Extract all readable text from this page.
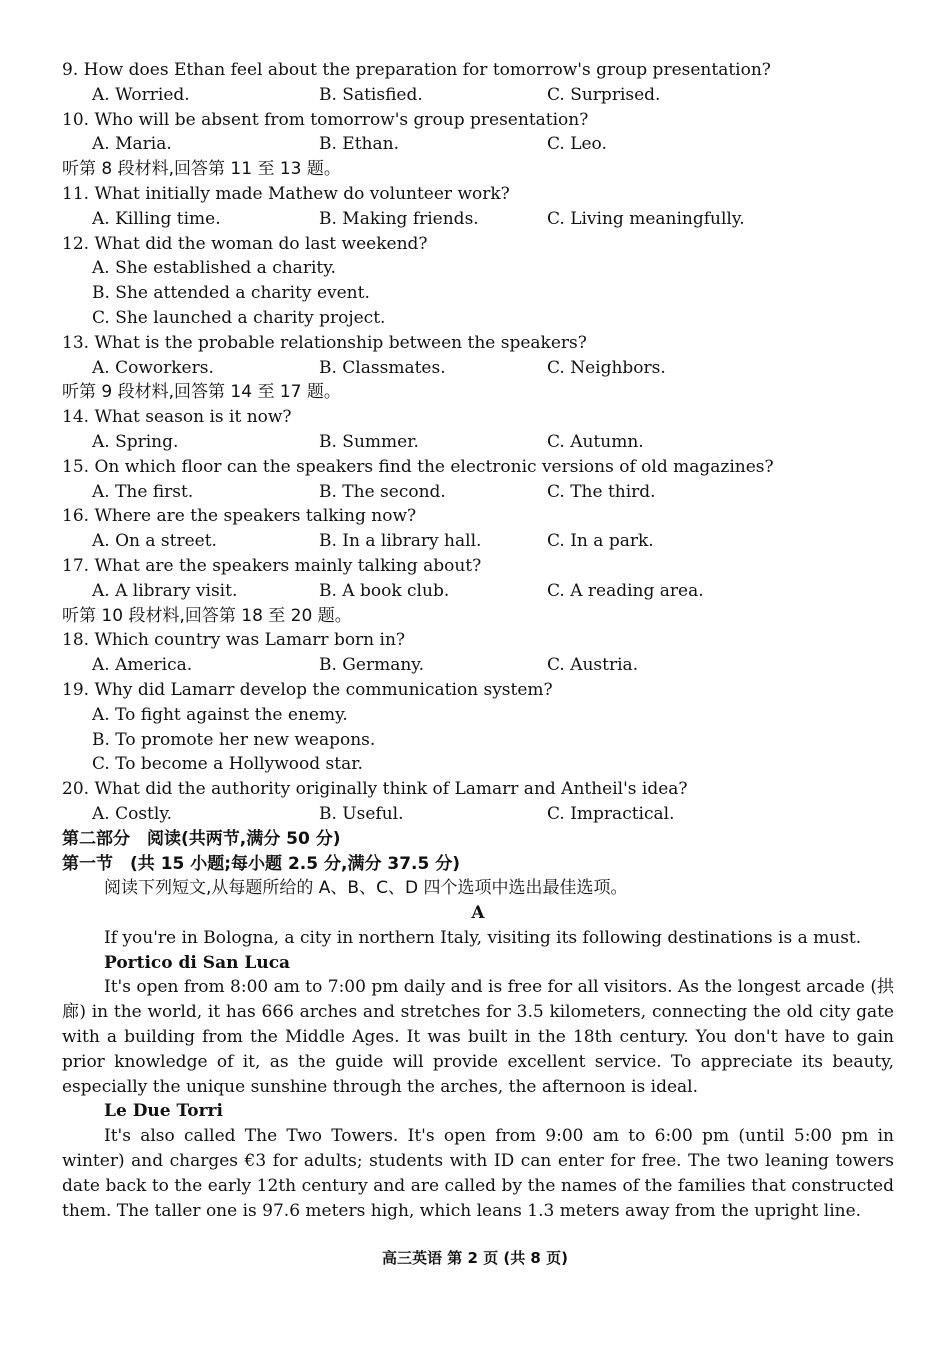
9. How does Ethan feel about the preparation for tomorrow's group presentation?
A. Worried.	B. Satisfied.	C. Surprised.
10. Who will be absent from tomorrow's group presentation?
A. Maria.	B. Ethan.	C. Leo.
听第 8 段材料,回答第 11 至 13 题。
11. What initially made Mathew do volunteer work?
A. Killing time.	B. Making friends.	C. Living meaningfully.
12. What did the woman do last weekend?
A. She established a charity.
B. She attended a charity event.
C. She launched a charity project.
13. What is the probable relationship between the speakers?
A. Coworkers.	B. Classmates.	C. Neighbors.
听第 9 段材料,回答第 14 至 17 题。
14. What season is it now?
A. Spring.	B. Summer.	C. Autumn.
15. On which floor can the speakers find the electronic versions of old magazines?
A. The first.	B. The second.	C. The third.
16. Where are the speakers talking now?
A. On a street.	B. In a library hall.	C. In a park.
17. What are the speakers mainly talking about?
A. A library visit.	B. A book club.	C. A reading area.
听第 10 段材料,回答第 18 至 20 题。
18. Which country was Lamarr born in?
A. America.	B. Germany.	C. Austria.
19. Why did Lamarr develop the communication system?
A. To fight against the enemy.
B. To promote her new weapons.
C. To become a Hollywood star.
20. What did the authority originally think of Lamarr and Antheil's idea?
A. Costly.	B. Useful.	C. Impractical.
第二部分　阅读(共两节,满分 50 分)
第一节　(共 15 小题;每小题 2.5 分,满分 37.5 分)
阅读下列短文,从每题所给的 A、B、C、D 四个选项中选出最佳选项。
A
If you're in Bologna, a city in northern Italy, visiting its following destinations is a must.
Portico di San Luca
It's open from 8:00 am to 7:00 pm daily and is free for all visitors. As the longest arcade (拱廊) in the world, it has 666 arches and stretches for 3.5 kilometers, connecting the old city gate with a building from the Middle Ages. It was built in the 18th century. You don't have to gain prior knowledge of it, as the guide will provide excellent service. To appreciate its beauty, especially the unique sunshine through the arches, the afternoon is ideal.
Le Due Torri
It's also called The Two Towers. It's open from 9:00 am to 6:00 pm (until 5:00 pm in winter) and charges €3 for adults; students with ID can enter for free. The two leaning towers date back to the early 12th century and are called by the names of the families that constructed them. The taller one is 97.6 meters high, which leans 1.3 meters away from the upright line.
高三英语 第 2 页 (共 8 页)
